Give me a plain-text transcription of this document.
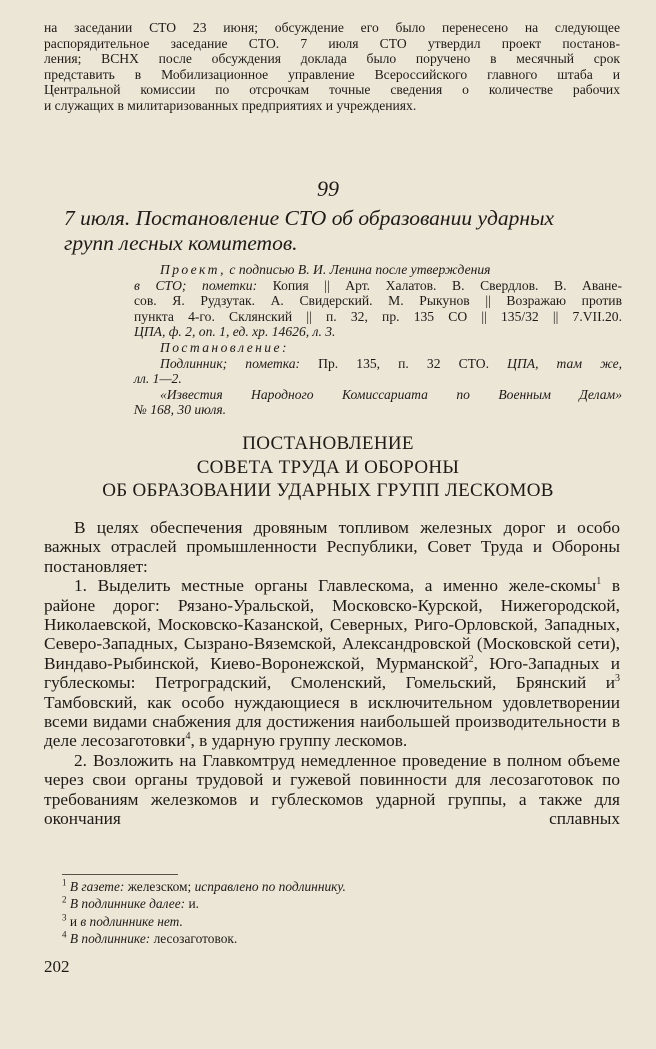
на заседании СТО 23 июня; обсуждение его было перенесено на следующее
распорядительное заседание СТО. 7 июля СТО утвердил проект постанов-
ления; ВСНХ после обсуждения доклада было поручено в месячный срок
представить в Мобилизационное управление Всероссийского главного штаба и
Центральной комиссии по отсрочкам точные сведения о количестве рабочих
и служащих в милитаризованных предприятиях и учреждениях.
99
7 июля. Постановление СТО об образовании ударных
групп лесных комитетов.

Проект, с подписью В. И. Ленина после утверждения

в СТО; пометки: Копия || Арт. Халатов. В. Свердлов. В. Аване-

сов. Я. Рудзутак. А. Свидерский. М. Рыкунов || Возражаю против

пункта 4-го. Склянский || п. 32, пр. 135 СО || 135/32 || 7.VII.20.

ЦПА, ф. 2, оп. 1, ед. хр. 14626, л. 3.

Постановление:

Подлинник; пометка: Пр. 135, п. 32 СТО. ЦПА, там же,

лл. 1—2.

«Известия Народного Комиссариата по Военным Делам»

№ 168, 30 июля.

ПОСТАНОВЛЕНИЕ
СОВЕТА ТРУДА И ОБОРОНЫ
ОБ ОБРАЗОВАНИИ УДАРНЫХ ГРУПП ЛЕСКОМОВ

В целях обеспечения дровяным топливом железных дорог и особо важных отраслей промышленности Республики, Совет Труда и Обороны постановляет:

1. Выделить местные органы Главлескома, а именно желе-скомы$^1$ в районе дорог: Рязано-Уральской, Московско-Курской, Нижегородской, Николаевской, Московско-Казанской, Северных, Риго-Орловской, Западных, Северо-Западных, Сызрано-Вяземской, Александровской (Московской сети), Виндаво-Рыбинской, Киево-Воронежской, Мурманской$^2$, Юго-Западных и гублескомы: Петроградский, Смоленский, Гомельский, Брянский $и^3$ Тамбовский, как особо нуждающиеся в исключительном удовлетворении всеми видами снабжения для достижения наибольшей производительности в деле лесозаготовки$^4$, в ударную группу лескомов.

2. Возложить на Главкомтруд немедленное проведение в полном объеме через свои органы трудовой и гужевой повинности для лесозаготовок по требованиям железкомов и гублескомов ударной группы, а также для окончания сплавных

$^1$ В газете: железском; исправлено по подлиннику.
$^2$ В подлиннике далее: и.
$^3$ и в подлиннике нет.
$^4$ В подлиннике: лесозаготовок.
202
